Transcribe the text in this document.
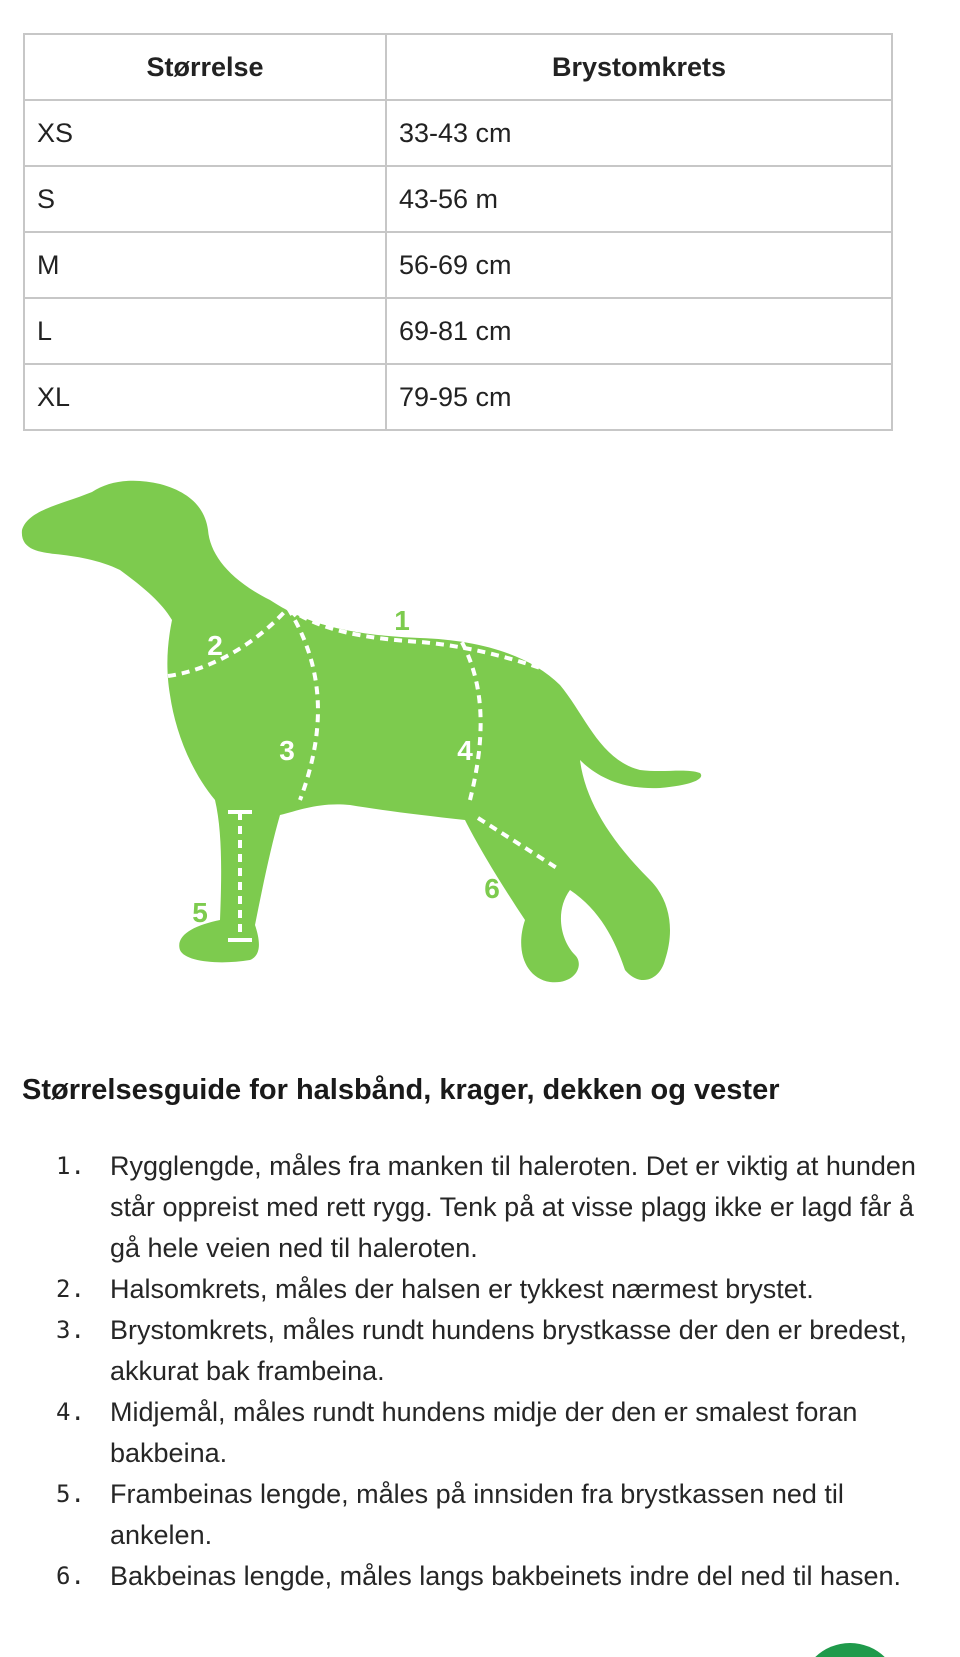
Størrelse	Brystomkrets
XS	33-43 cm
S	43-56 m
M	56-69 cm
L	69-81 cm
XL	79-95 cm
1
2
3	4
5
6
Størrelsesguide for halsbånd, krager, dekken og vester
1. Rygglengde, måles fra manken til haleroten. Det er viktig at hunden står oppreist med rett rygg. Tenk på at visse plagg ikke er lagd får å gå hele veien ned til haleroten.
2. Halsomkrets, måles der halsen er tykkest nærmest brystet.
3. Brystomkrets, måles rundt hundens brystkasse der den er bredest, akkurat bak frambeina.
4. Midjemål, måles rundt hundens midje der den er smalest foran bakbeina.
5. Frambeinas lengde, måles på innsiden fra brystkassen ned til ankelen.
6. Bakbeinas lengde, måles langs bakbeinets indre del ned til hasen.
